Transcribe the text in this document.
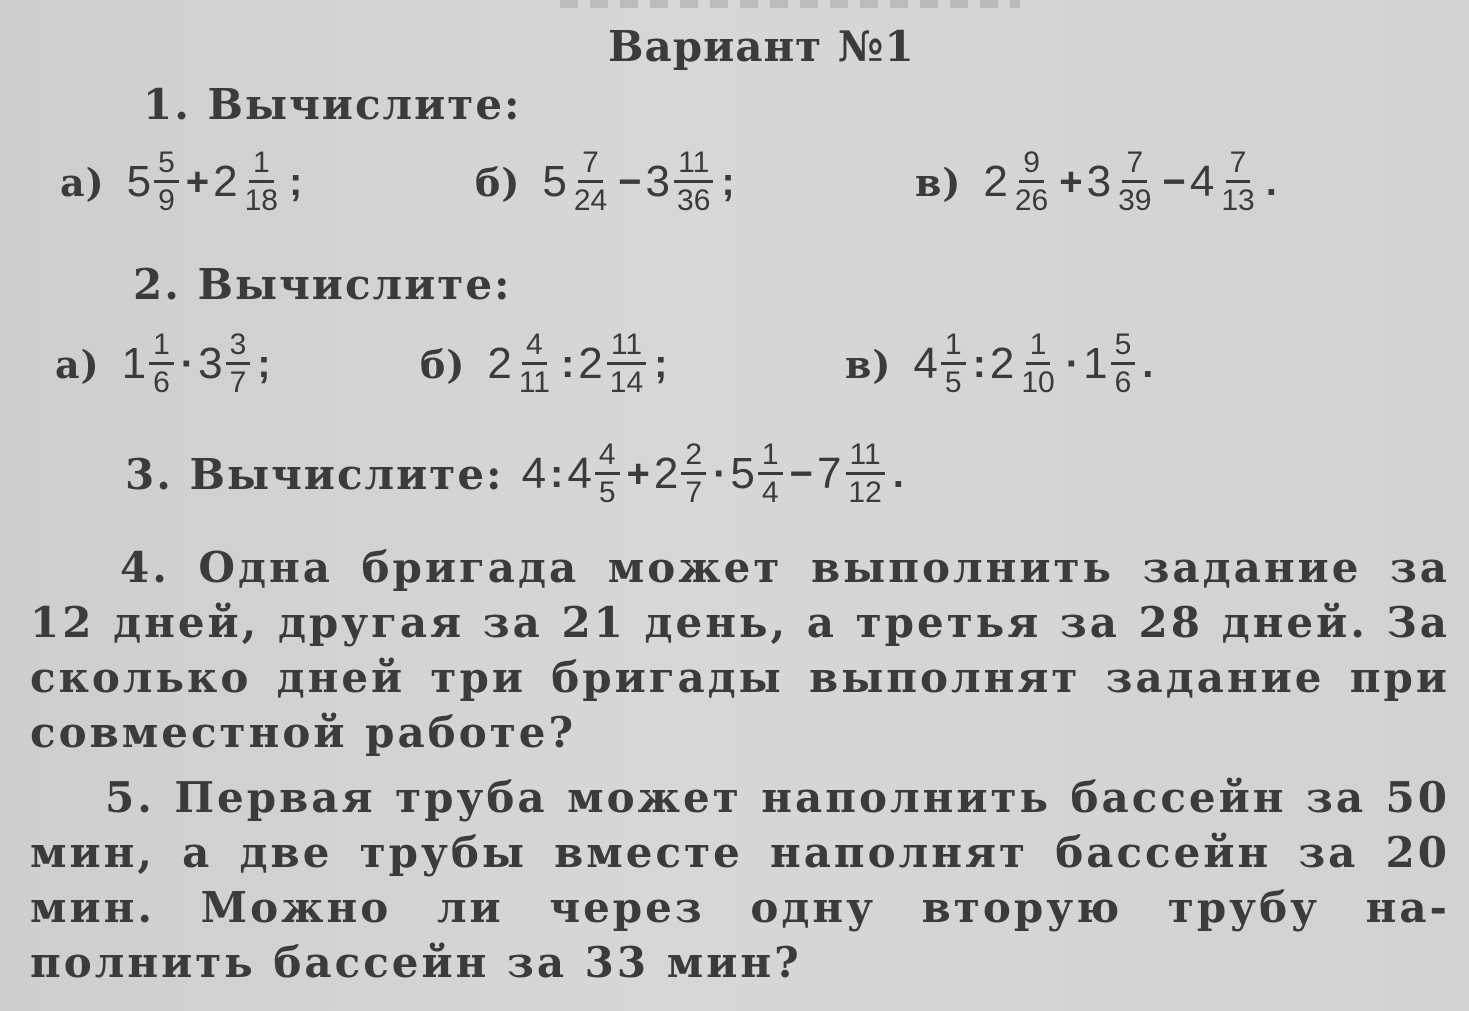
Вариант №1
1. Вычислите:
а) $5 \frac{5}{9} + 2 \frac{1}{18}$ ;	б) $5 \frac{7}{24} - 3 \frac{11}{36}$ ;	в) $2 \frac{9}{26} + 3 \frac{7}{39} - 4 \frac{7}{13}$ .
2. Вычислите:
а) $1 \frac{1}{6} \cdot 3 \frac{3}{7}$ ;	б) $2 \frac{4}{11}$ : $2 \frac{11}{14}$ ;	в) $4 \frac{1}{5}$ : $2 \frac{1}{10} \cdot 1 \frac{5}{6}$ .
3. Вычислите: 4 : $4 \frac{4}{5} + 2 \frac{2}{7} \cdot 5 \frac{1}{4} - 7 \frac{11}{12}$ .
4. Одна бригада может выполнить задание за 12 дней, другая за 21 день, а третья за 28 дней. За сколько дней три бригады выполнят задание при совместной работе?
5. Первая труба может наполнить бассейн за 50 мин, а две трубы вместе наполнят бассейн за 20 мин. Можно ли через одну вторую трубу на-полнить бассейн за 33 мин?
